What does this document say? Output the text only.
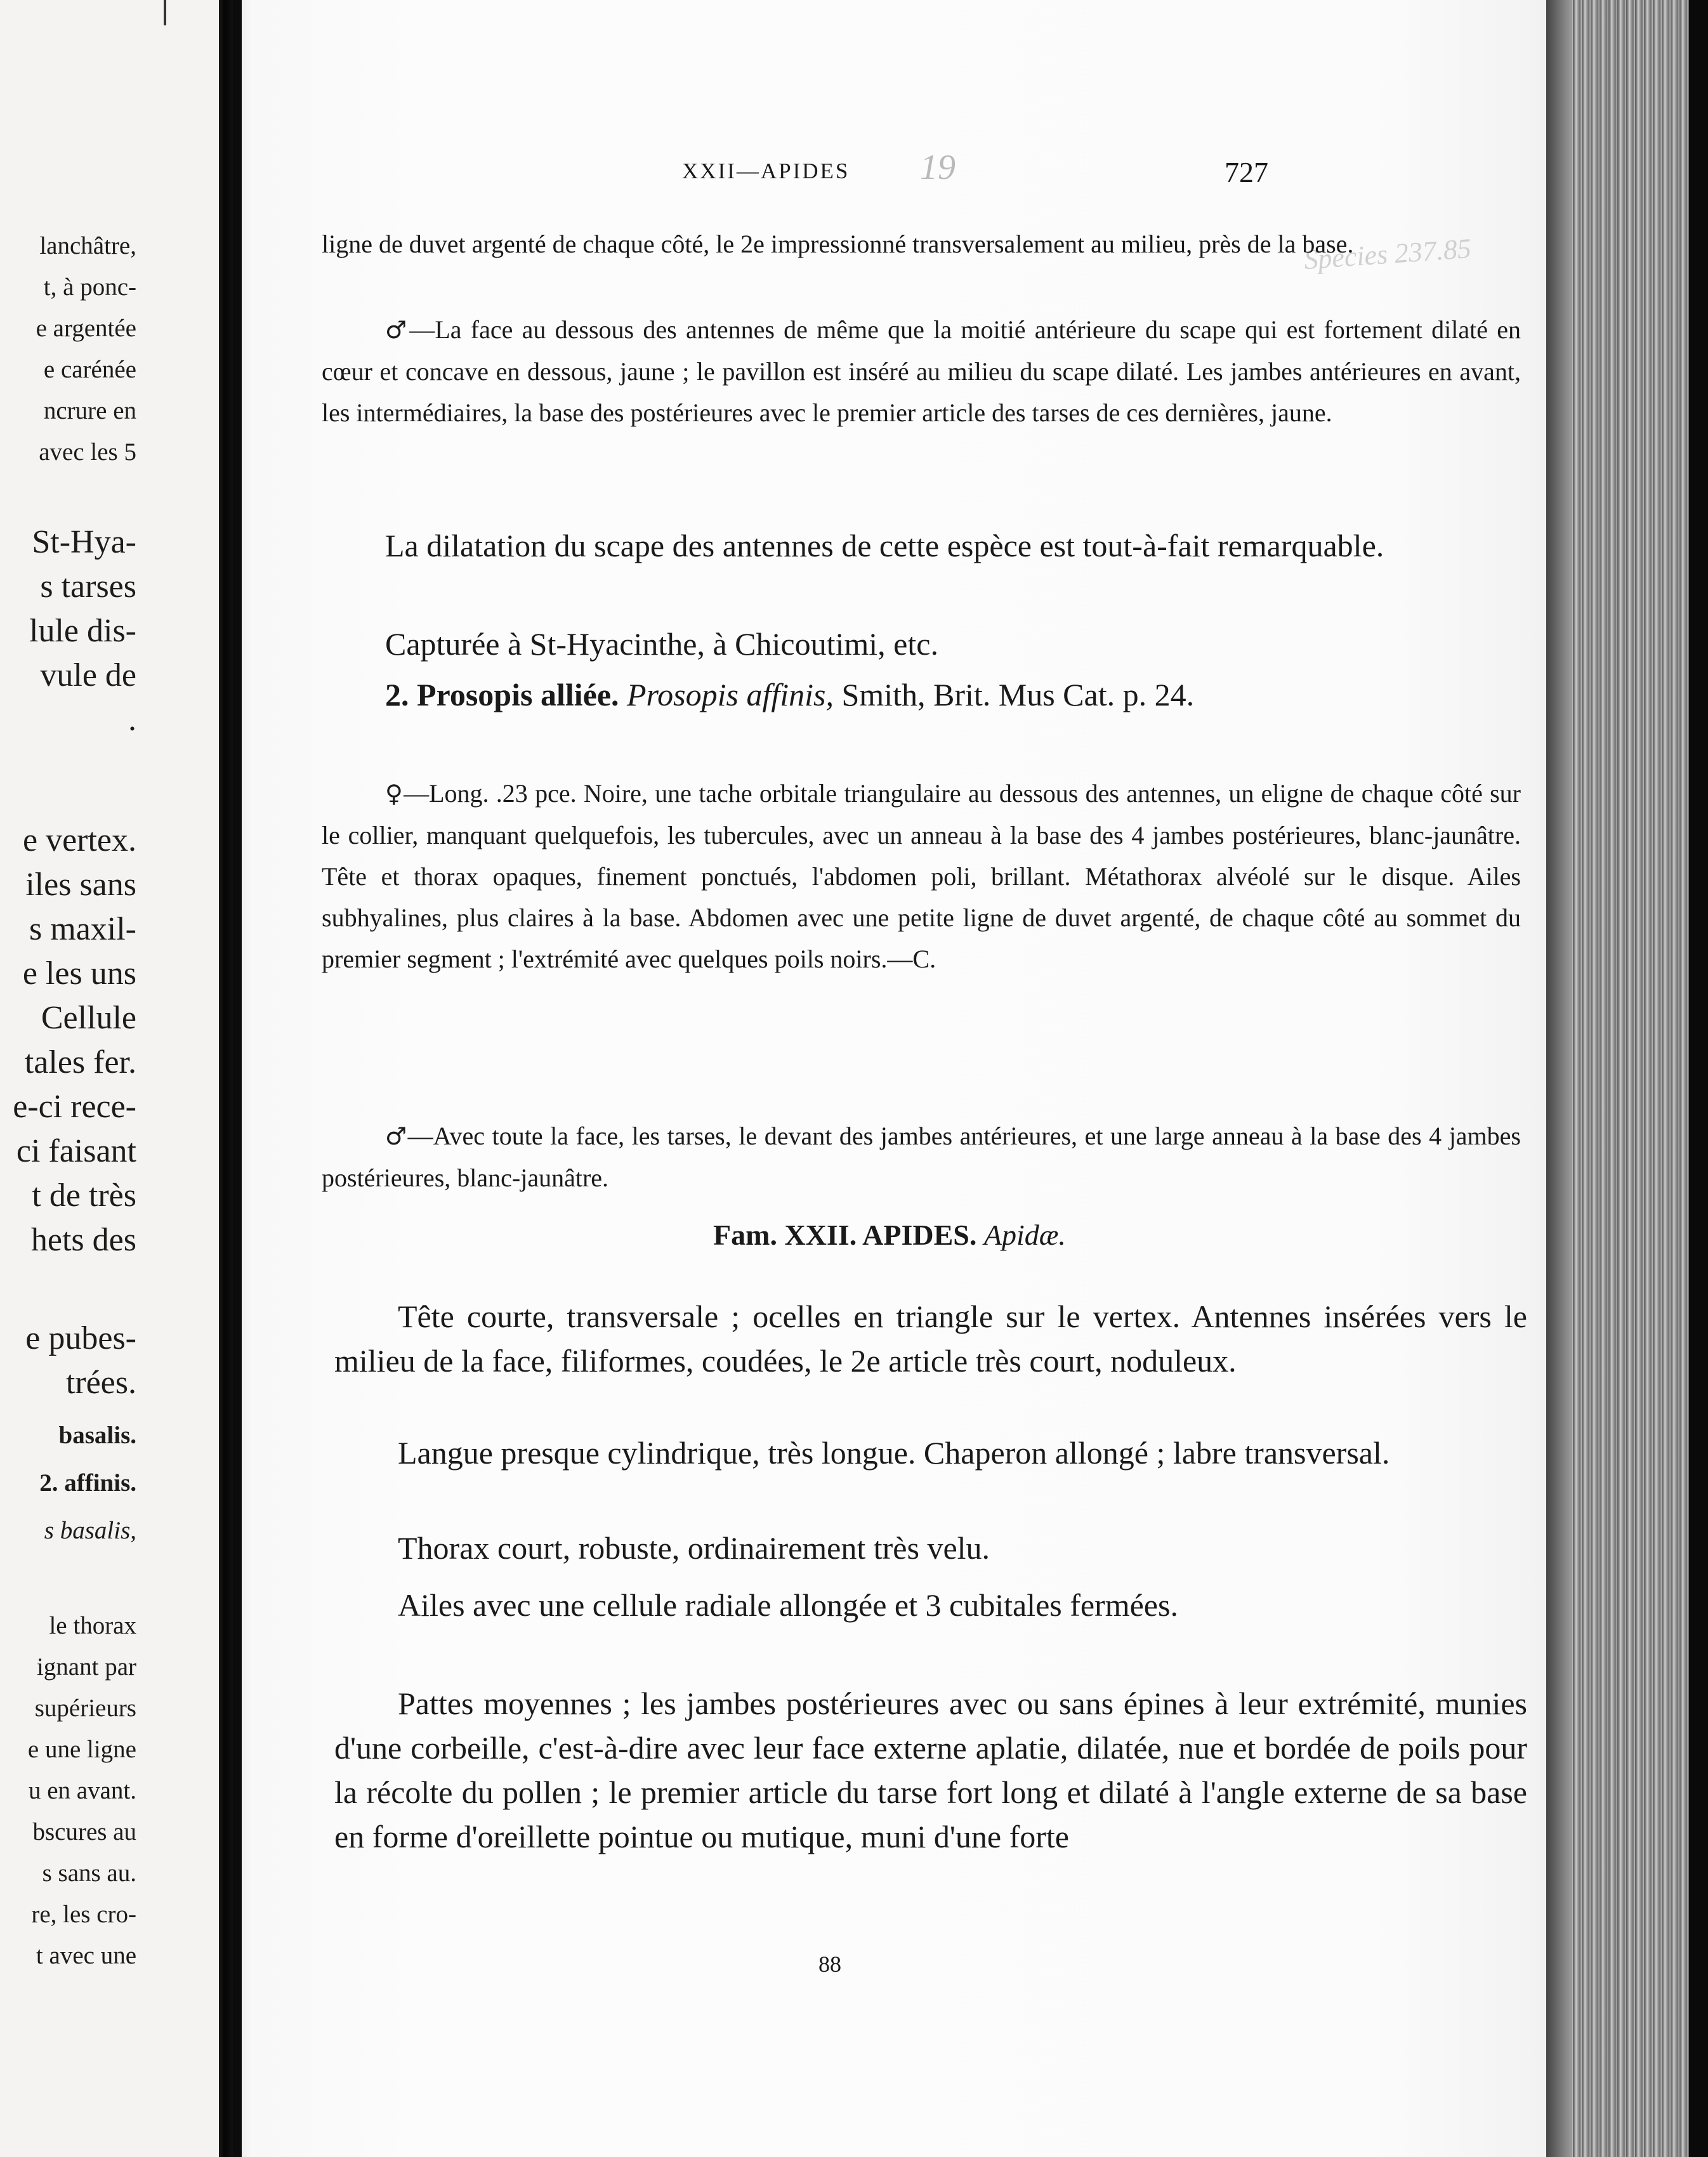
lanchâtre,
t, à ponc-
e argentée
e carénée
ncrure en
avec les 5
St-Hya-
s tarses
lule dis-
vule de
.
e vertex.
iles sans
s maxil-
e les uns
Cellule
tales fer.
e-ci rece-
ci faisant
t de très
hets des
e pubes-
trées.
basalis.
2. affinis.
s basalis,
le thorax
ignant par
supérieurs
e une ligne
u en avant.
bscures au
s sans au.
re, les cro-
t avec une
XXII—APIDES 19	727
Species 237.85
ligne de duvet argenté de chaque côté, le 2e impressionné transversalement au milieu, près de la base.
♂—La face au dessous des antennes de même que la moitié antérieure du scape qui est fortement dilaté en cœur et concave en dessous, jaune ; le pavillon est inséré au milieu du scape dilaté. Les jambes antérieures en avant, les intermédiaires, la base des postérieures avec le premier article des tarses de ces dernières, jaune.
La dilatation du scape des antennes de cette espèce est tout-à-fait remarquable.
Capturée à St-Hyacinthe, à Chicoutimi, etc.
2. Prosopis alliée. Prosopis affinis, Smith, Brit. Mus Cat. p. 24.
♀—Long. .23 pce. Noire, une tache orbitale triangulaire au dessous des antennes, un eligne de chaque côté sur le collier, manquant quelquefois, les tubercules, avec un anneau à la base des 4 jambes postérieures, blanc-jaunâtre. Tête et thorax opaques, finement ponctués, l'abdomen poli, brillant. Métathorax alvéolé sur le disque. Ailes subhyalines, plus claires à la base. Abdomen avec une petite ligne de duvet argenté, de chaque côté au sommet du premier segment ; l'extrémité avec quelques poils noirs.—C.
♂—Avec toute la face, les tarses, le devant des jambes antérieures, et une large anneau à la base des 4 jambes postérieures, blanc-jaunâtre.
Fam. XXII. APIDES. Apidæ.
Tête courte, transversale ; ocelles en triangle sur le vertex. Antennes insérées vers le milieu de la face, filiformes, coudées, le 2e article très court, noduleux.
Langue presque cylindrique, très longue. Chaperon allongé ; labre transversal.
Thorax court, robuste, ordinairement très velu.
Ailes avec une cellule radiale allongée et 3 cubitales fermées.
Pattes moyennes ; les jambes postérieures avec ou sans épines à leur extrémité, munies d'une corbeille, c'est-à-dire avec leur face externe aplatie, dilatée, nue et bordée de poils pour la récolte du pollen ; le premier article du tarse fort long et dilaté à l'angle externe de sa base en forme d'oreillette pointue ou mutique, muni d'une forte
88
